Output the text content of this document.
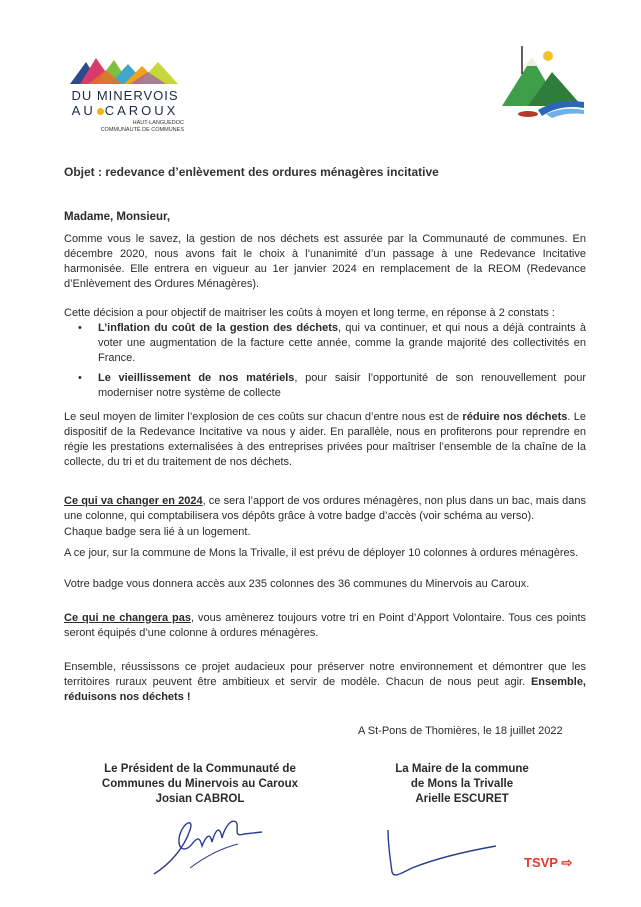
DU MINERVOIS
AU CAROUX
HAUT-LANGUEDOC
COMMUNAUTÉ DE COMMUNES
Objet : redevance d’enlèvement des ordures ménagères incitative
Madame, Monsieur,
Comme vous le savez, la gestion de nos déchets est assurée par la Communauté de communes. En décembre 2020, nous avons fait le choix à l’unanimité d’un passage à une Redevance Incitative harmonisée. Elle entrera en vigueur au 1er janvier 2024 en remplacement de la REOM (Redevance d’Enlèvement des Ordures Ménagères).
Cette décision a pour objectif de maitriser les coûts à moyen et long terme, en réponse à 2 constats :
• L’inflation du coût de la gestion des déchets, qui va continuer, et qui nous a déjà contraints à voter une augmentation de la facture cette année, comme la grande majorité des collectivités en France.
• Le vieillissement de nos matériels, pour saisir l’opportunité de son renouvellement pour moderniser notre système de collecte
Le seul moyen de limiter l’explosion de ces coûts sur chacun d’entre nous est de réduire nos déchets. Le dispositif de la Redevance Incitative va nous y aider. En parallèle, nous en profiterons pour reprendre en régie les prestations externalisées à des entreprises privées pour maîtriser l’ensemble de la chaîne de la collecte, du tri et du traitement de nos déchets.
Ce qui va changer en 2024, ce sera l’apport de vos ordures ménagères, non plus dans un bac, mais dans une colonne, qui comptabilisera vos dépôts grâce à votre badge d’accès (voir schéma au verso).
Chaque badge sera lié à un logement.
A ce jour, sur la commune de Mons la Trivalle, il est prévu de déployer 10 colonnes à ordures ménagères.
Votre badge vous donnera accès aux 235 colonnes des 36 communes du Minervois au Caroux.
Ce qui ne changera pas, vous amènerez toujours votre tri en Point d’Apport Volontaire. Tous ces points seront équipés d’une colonne à ordures ménagères.
Ensemble, réussissons ce projet audacieux pour préserver notre environnement et démontrer que les territoires ruraux peuvent être ambitieux et servir de modèle. Chacun de nous peut agir. Ensemble, réduisons nos déchets !
A St-Pons de Thomières, le 18 juillet 2022
Le Président de la Communauté de
Communes du Minervois au Caroux
Josian CABROL
La Maire de la commune
de Mons la Trivalle
Arielle ESCURET
TSVP ⇨
